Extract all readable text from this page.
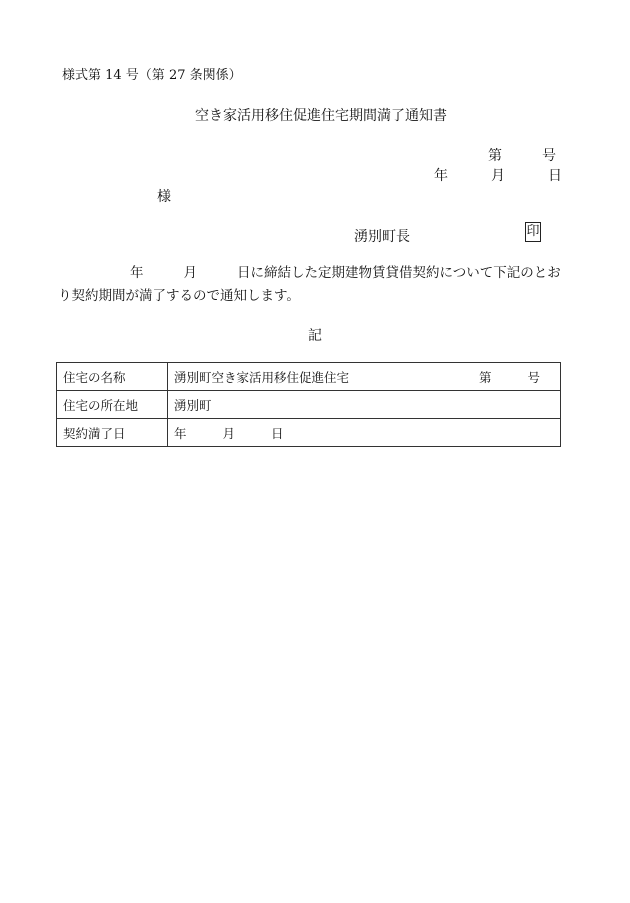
様式第 14 号（第 27 条関係）
空き家活用移住促進住宅期間満了通知書
第	号
年	月	日
様
湧別町長	印
年	月	日に締結した定期建物賃貸借契約について下記のとお
り契約期間が満了するので通知します。
記
住宅の名称	湧別町空き家活用移住促進住宅 第 号

住宅の所在地	湧別町
契約満了日	年 月 日
